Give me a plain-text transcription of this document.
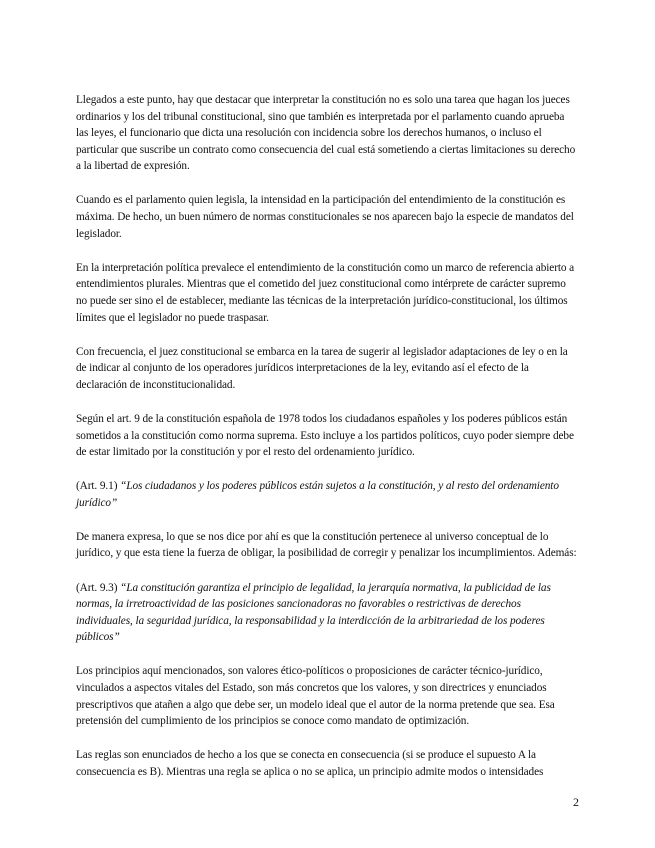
Llegados a este punto, hay que destacar que interpretar la constitución no es solo una tarea que hagan los jueces ordinarios y los del tribunal constitucional, sino que también es interpretada por el parlamento cuando aprueba las leyes, el funcionario que dicta una resolución con incidencia sobre los derechos humanos, o incluso el particular que suscribe un contrato como consecuencia del cual está sometiendo a ciertas limitaciones su derecho a la libertad de expresión.

Cuando es el parlamento quien legisla, la intensidad en la participación del entendimiento de la constitución es máxima. De hecho, un buen número de normas constitucionales se nos aparecen bajo la especie de mandatos del legislador.

En la interpretación política prevalece el entendimiento de la constitución como un marco de referencia abierto a entendimientos plurales. Mientras que el cometido del juez constitucional como intérprete de carácter supremo no puede ser sino el de establecer, mediante las técnicas de la interpretación jurídico-constitucional, los últimos límites que el legislador no puede traspasar.

Con frecuencia, el juez constitucional se embarca en la tarea de sugerir al legislador adaptaciones de ley o en la de indicar al conjunto de los operadores jurídicos interpretaciones de la ley, evitando así el efecto de la declaración de inconstitucionalidad.

Según el art. 9 de la constitución española de 1978 todos los ciudadanos españoles y los poderes públicos están sometidos a la constitución como norma suprema. Esto incluye a los partidos políticos, cuyo poder siempre debe de estar limitado por la constitución y por el resto del ordenamiento jurídico.

(Art. 9.1) “Los ciudadanos y los poderes públicos están sujetos a la constitución, y al resto del ordenamiento jurídico”

De manera expresa, lo que se nos dice por ahí es que la constitución pertenece al universo conceptual de lo jurídico, y que esta tiene la fuerza de obligar, la posibilidad de corregir y penalizar los incumplimientos. Además:

(Art. 9.3) “La constitución garantiza el principio de legalidad, la jerarquía normativa, la publicidad de las normas, la irretroactividad de las posiciones sancionadoras no favorables o restrictivas de derechos individuales, la seguridad jurídica, la responsabilidad y la interdicción de la arbitrariedad de los poderes públicos”

Los principios aquí mencionados, son valores ético-políticos o proposiciones de carácter técnico-jurídico, vinculados a aspectos vitales del Estado, son más concretos que los valores, y son directrices y enunciados prescriptivos que atañen a algo que debe ser, un modelo ideal que el autor de la norma pretende que sea. Esa pretensión del cumplimiento de los principios se conoce como mandato de optimización.

Las reglas son enunciados de hecho a los que se conecta en consecuencia (si se produce el supuesto A la consecuencia es B). Mientras una regla se aplica o no se aplica, un principio admite modos o intensidades

2
